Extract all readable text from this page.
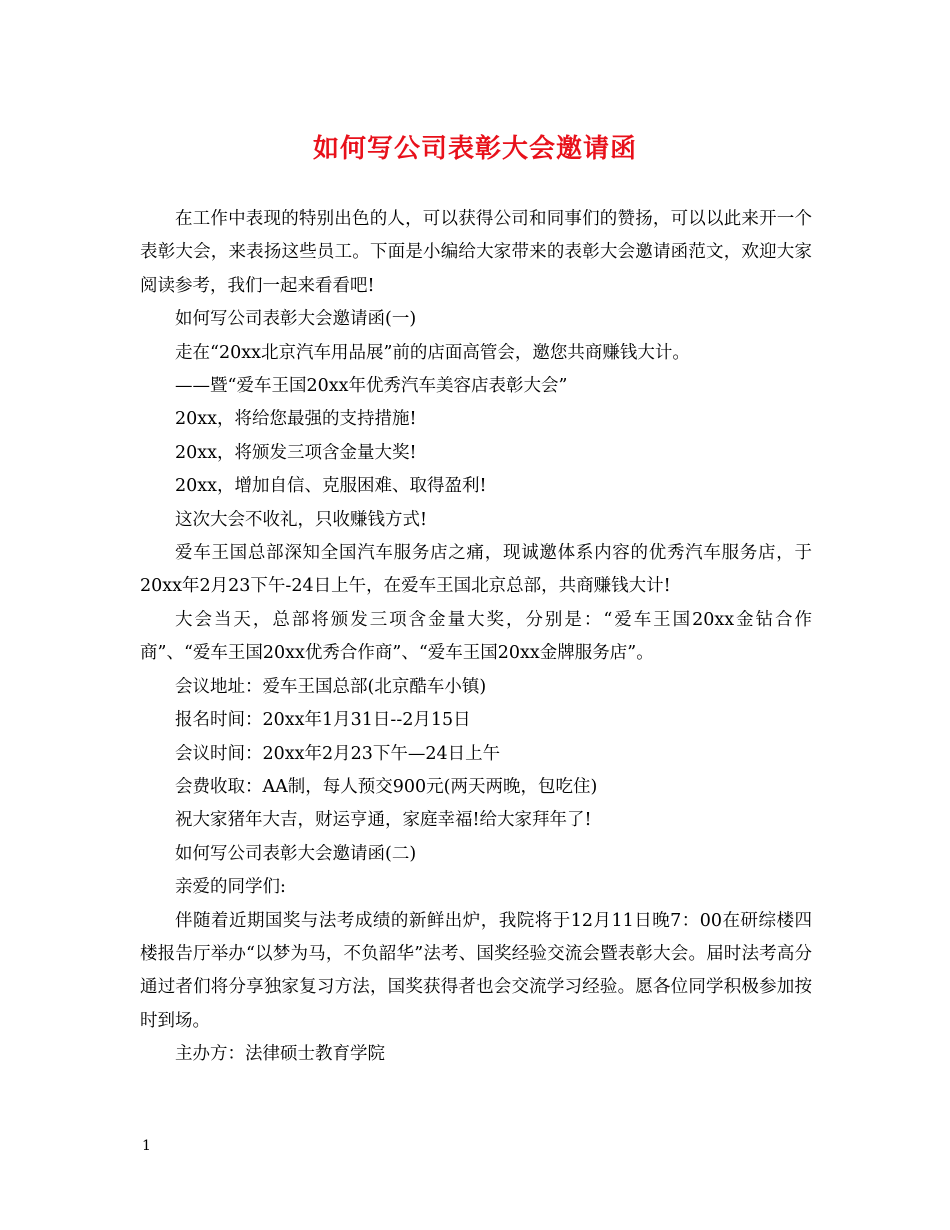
如何写公司表彰大会邀请函

在工作中表现的特别出色的人，可以获得公司和同事们的赞扬，可以以此来开一个表彰大会，来表扬这些员工。下面是小编给大家带来的表彰大会邀请函范文，欢迎大家阅读参考，我们一起来看看吧!

如何写公司表彰大会邀请函(一)

走在“20xx北京汽车用品展”前的店面高管会，邀您共商赚钱大计。

——暨“爱车王国20xx年优秀汽车美容店表彰大会”

20xx，将给您最强的支持措施!

20xx，将颁发三项含金量大奖!

20xx，增加自信、克服困难、取得盈利!

这次大会不收礼，只收赚钱方式!

爱车王国总部深知全国汽车服务店之痛，现诚邀体系内容的优秀汽车服务店，于20xx年2月23下午-24日上午，在爱车王国北京总部，共商赚钱大计!

大会当天，总部将颁发三项含金量大奖，分别是：“爱车王国20xx金钻合作商”、“爱车王国20xx优秀合作商”、“爱车王国20xx金牌服务店”。

会议地址：爱车王国总部(北京酷车小镇)

报名时间：20xx年1月31日--2月15日

会议时间：20xx年2月23下午—24日上午

会费收取：AA制，每人预交900元(两天两晚，包吃住)

祝大家猪年大吉，财运亨通，家庭幸福!给大家拜年了!

如何写公司表彰大会邀请函(二)

亲爱的同学们:

伴随着近期国奖与法考成绩的新鲜出炉，我院将于12月11日晚7：00在研综楼四楼报告厅举办“以梦为马，不负韶华”法考、国奖经验交流会暨表彰大会。届时法考高分通过者们将分享独家复习方法，国奖获得者也会交流学习经验。愿各位同学积极参加按时到场。

主办方：法律硕士教育学院

1
